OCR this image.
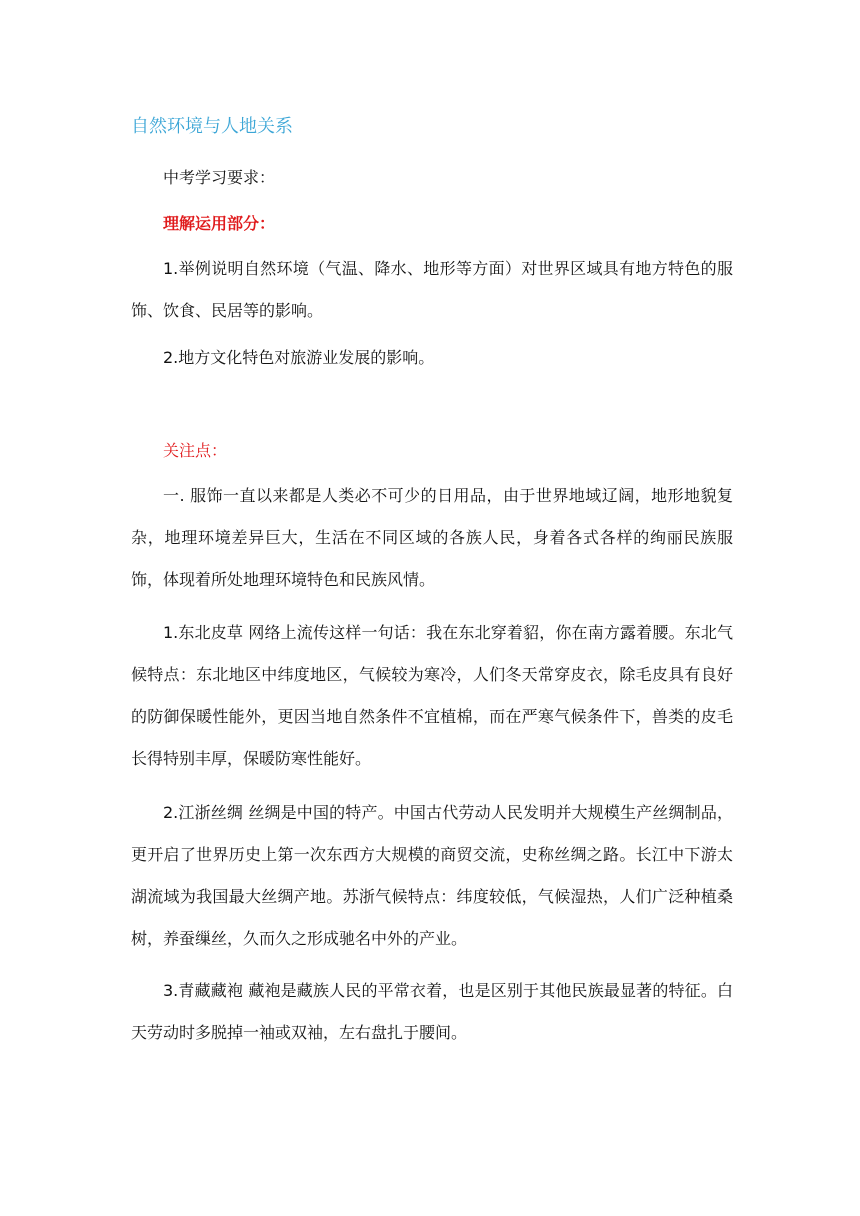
自然环境与人地关系
中考学习要求：
理解运用部分：
1.举例说明自然环境（气温、降水、地形等方面）对世界区域具有地方特色的服饰、饮食、民居等的影响。
2.地方文化特色对旅游业发展的影响。
关注点：
一. 服饰一直以来都是人类必不可少的日用品，由于世界地域辽阔，地形地貌复杂，地理环境差异巨大，生活在不同区域的各族人民，身着各式各样的绚丽民族服饰，体现着所处地理环境特色和民族风情。
1.东北皮草 网络上流传这样一句话：我在东北穿着貂，你在南方露着腰。东北气候特点：东北地区中纬度地区，气候较为寒冷，人们冬天常穿皮衣，除毛皮具有良好的防御保暖性能外，更因当地自然条件不宜植棉，而在严寒气候条件下，兽类的皮毛长得特别丰厚，保暖防寒性能好。
2.江浙丝绸 丝绸是中国的特产。中国古代劳动人民发明并大规模生产丝绸制品，更开启了世界历史上第一次东西方大规模的商贸交流，史称丝绸之路。长江中下游太湖流域为我国最大丝绸产地。苏浙气候特点：纬度较低，气候湿热，人们广泛种植桑树，养蚕缫丝，久而久之形成驰名中外的产业。
3.青藏藏袍 藏袍是藏族人民的平常衣着，也是区别于其他民族最显著的特征。白天劳动时多脱掉一袖或双袖，左右盘扎于腰间。
